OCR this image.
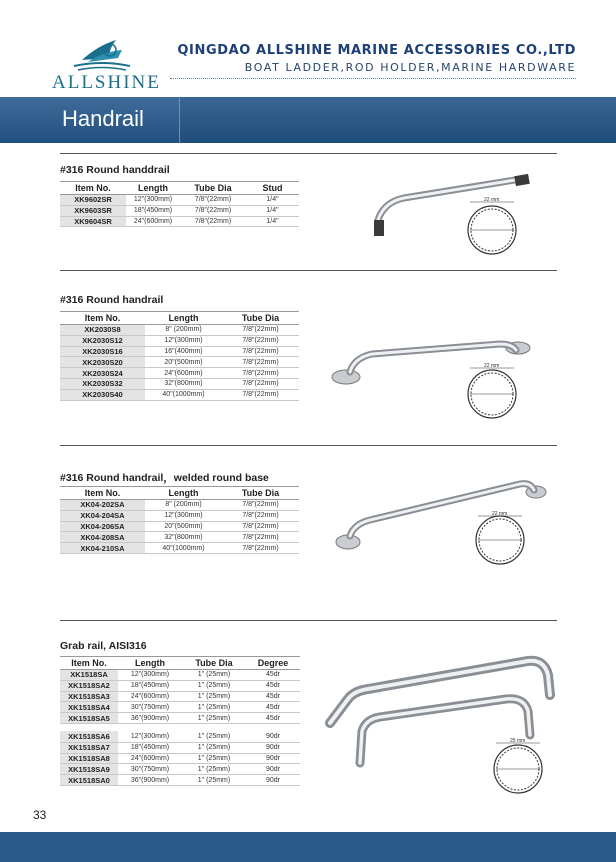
ALLSHINE
QINGDAO ALLSHINE MARINE ACCESSORIES CO.,LTD
BOAT LADDER,ROD HOLDER,MARINE HARDWARE
Handrail
#316 Round handdrail
Item No.	Length	Tube Dia	Stud
XK9602SR	12"(300mm)	7/8"(22mm)	1/4"
XK9603SR	18"(450mm)	7/8"(22mm)	1/4"
XK9604SR	24"(600mm)	7/8"(22mm)	1/4"
22 mm
#316 Round handrail
Item No.	Length	Tube Dia
XK2030S8	8" (200mm)	7/8"(22mm)
XK2030S12	12"(300mm)	7/8"(22mm)
XK2030S16	16"(400mm)	7/8"(22mm)
XK2030S20	20"(500mm)	7/8"(22mm)
XK2030S24	24"(600mm)	7/8"(22mm)
XK2030S32	32"(800mm)	7/8"(22mm)
XK2030S40	40"(1000mm)	7/8"(22mm)
22 mm
#316 Round handrail，welded round base
Item No.	Length	Tube Dia
XK04-202SA	8" (200mm)	7/8"(22mm)
XK04-204SA	12"(300mm)	7/8"(22mm)
XK04-206SA	20"(500mm)	7/8"(22mm)
XK04-208SA	32"(800mm)	7/8"(22mm)
XK04-210SA	40"(1000mm)	7/8"(22mm)
22 mm
Grab rail, AISI316
Item No.	Length	Tube Dia	Degree
XK1518SA	12"(300mm)	1" (25mm)	45dr
XK1518SA2	18"(450mm)	1" (25mm)	45dr
XK1518SA3	24"(600mm)	1" (25mm)	45dr
XK1518SA4	30"(750mm)	1" (25mm)	45dr
XK1518SA5	36"(900mm)	1" (25mm)	45dr

XK1518SA6	12"(300mm)	1" (25mm)	90dr
XK1518SA7	18"(450mm)	1" (25mm)	90dr
XK1518SA8	24"(600mm)	1" (25mm)	90dr
XK1518SA9	30"(750mm)	1" (25mm)	90dr
XK1518SA0	36"(900mm)	1" (25mm)	90dr
25 mm
33
